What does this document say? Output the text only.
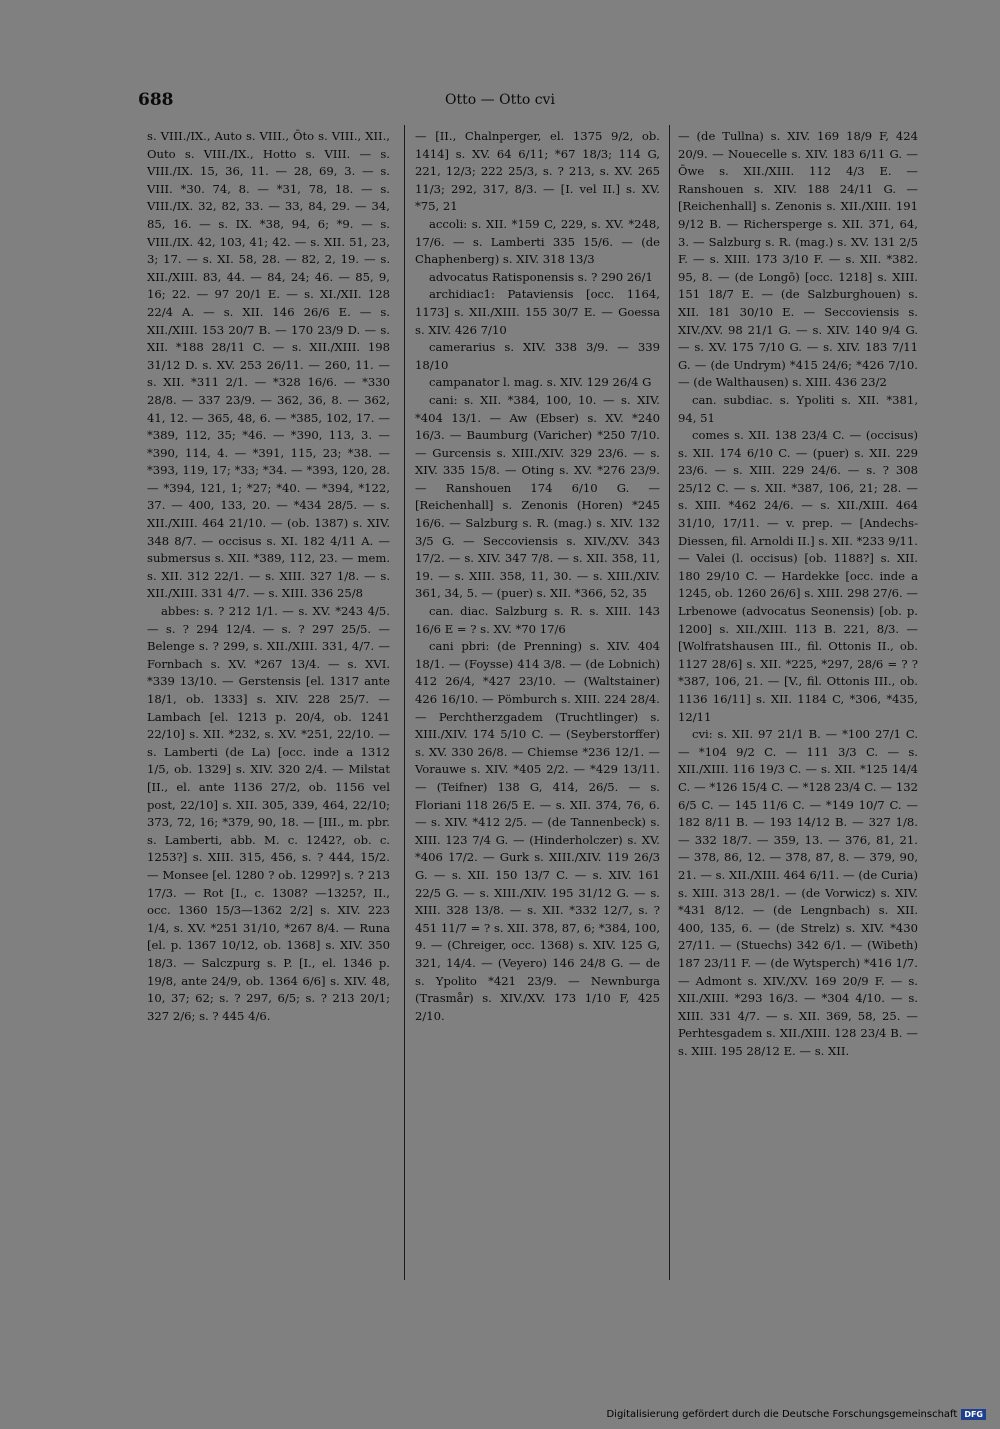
688	Otto — Otto cvi

s. VIII./IX., Auto s. VIII., Ōto s. VIII., XII., Outo s. VIII./IX., Hotto s. VIII. — s. VIII./IX. 15, 36, 11. — 28, 69, 3. — s. VIII. *30. 74, 8. — *31, 78, 18. — s. VIII./IX. 32, 82, 33. — 33, 84, 29. — 34, 85, 16. — s. IX. *38, 94, 6; *9. — s. VIII./IX. 42, 103, 41; 42. — s. XII. 51, 23, 3; 17. — s. XI. 58, 28. — 82, 2, 19. — s. XII./XIII. 83, 44. — 84, 24; 46. — 85, 9, 16; 22. — 97 20/1 E. — s. XI./XII. 128 22/4 A. — s. XII. 146 26/6 E. — s. XII./XIII. 153 20/7 B. — 170 23/9 D. — s. XII. *188 28/11 C. — s. XII./XIII. 198 31/12 D. s. XV. 253 26/11. — 260, 11. — s. XII. *311 2/1. — *328 16/6. — *330 28/8. — 337 23/9. — 362, 36, 8. — 362, 41, 12. — 365, 48, 6. — *385, 102, 17. — *389, 112, 35; *46. — *390, 113, 3. — *390, 114, 4. — *391, 115, 23; *38. — *393, 119, 17; *33; *34. — *393, 120, 28. — *394, 121, 1; *27; *40. — *394, *122, 37. — 400, 133, 20. — *434 28/5. — s. XII./XIII. 464 21/10. — (ob. 1387) s. XIV. 348 8/7. — occisus s. XI. 182 4/11 A. — submersus s. XII. *389, 112, 23. — mem. s. XII. 312 22/1. — s. XIII. 327 1/8. — s. XII./XIII. 331 4/7. — s. XIII. 336 25/8

abbes: s. ? 212 1/1. — s. XV. *243 4/5. — s. ? 294 12/4. — s. ? 297 25/5. — Belenge s. ? 299, s. XII./XIII. 331, 4/7. — Fornbach s. XV. *267 13/4. — s. XVI. *339 13/10. — Gerstensis [el. 1317 ante 18/1, ob. 1333] s. XIV. 228 25/7. — Lambach [el. 1213 p. 20/4, ob. 1241 22/10] s. XII. *232, s. XV. *251, 22/10. — s. Lamberti (de La) [occ. inde a 1312 1/5, ob. 1329] s. XIV. 320 2/4. — Milstat [II., el. ante 1136 27/2, ob. 1156 vel post, 22/10] s. XII. 305, 339, 464, 22/10; 373, 72, 16; *379, 90, 18. — [III., m. pbr. s. Lamberti, abb. M. c. 1242?, ob. c. 1253?] s. XIII. 315, 456, s. ? 444, 15/2. — Monsee [el. 1280 ? ob. 1299?] s. ? 213 17/3. — Rot [I., c. 1308? —1325?, II., occ. 1360 15/3—1362 2/2] s. XIV. 223 1/4, s. XV. *251 31/10, *267 8/4. — Runa [el. p. 1367 10/12, ob. 1368] s. XIV. 350 18/3. — Salczpurg s. P. [I., el. 1346 p. 19/8, ante 24/9, ob. 1364 6/6] s. XIV. 48, 10, 37; 62; s. ? 297, 6/5; s. ? 213 20/1; 327 2/6; s. ? 445 4/6.

— [II., Chalnperger, el. 1375 9/2, ob. 1414] s. XV. 64 6/11; *67 18/3; 114 G, 221, 12/3; 222 25/3, s. ? 213, s. XV. 265 11/3; 292, 317, 8/3. — [I. vel II.] s. XV. *75, 21

accoli: s. XII. *159 C, 229, s. XV. *248, 17/6. — s. Lamberti 335 15/6. — (de Chaphenberg) s. XIV. 318 13/3

advocatus Ratisponensis s. ? 290 26/1

archidiac1: Pataviensis [occ. 1164, 1173] s. XII./XIII. 155 30/7 E. — Goessa s. XIV. 426 7/10

camerarius s. XIV. 338 3/9. — 339 18/10

campanator l. mag. s. XIV. 129 26/4 G

cani: s. XII. *384, 100, 10. — s. XIV. *404 13/1. — Aw (Ebser) s. XV. *240 16/3. — Baumburg (Varicher) *250 7/10. — Gurcensis s. XIII./XIV. 329 23/6. — s. XIV. 335 15/8. — Oting s. XV. *276 23/9. — Ranshouen 174 6/10 G. — [Reichenhall] s. Zenonis (Horen) *245 16/6. — Salzburg s. R. (mag.) s. XIV. 132 3/5 G. — Seccoviensis s. XIV./XV. 343 17/2. — s. XIV. 347 7/8. — s. XII. 358, 11, 19. — s. XIII. 358, 11, 30. — s. XIII./XIV. 361, 34, 5. — (puer) s. XII. *366, 52, 35

can. diac. Salzburg s. R. s. XIII. 143 16/6 E = ? s. XV. *70 17/6

cani pbri: (de Prenning) s. XIV. 404 18/1. — (Foysse) 414 3/8. — (de Lobnich) 412 26/4, *427 23/10. — (Waltstainer) 426 16/10. — Pömburch s. XIII. 224 28/4. — Perchtherzgadem (Truchtlinger) s. XIII./XIV. 174 5/10 C. — (Seyberstorffer) s. XV. 330 26/8. — Chiemse *236 12/1. — Vorauwe s. XIV. *405 2/2. — *429 13/11. — (Teifner) 138 G, 414, 26/5. — s. Floriani 118 26/5 E. — s. XII. 374, 76, 6. — s. XIV. *412 2/5. — (de Tannenbeck) s. XIII. 123 7/4 G. — (Hinderholczer) s. XV. *406 17/2. — Gurk s. XIII./XIV. 119 26/3 G. — s. XII. 150 13/7 C. — s. XIV. 161 22/5 G. — s. XIII./XIV. 195 31/12 G. — s. XIII. 328 13/8. — s. XII. *332 12/7, s. ? 451 11/7 = ? s. XII. 378, 87, 6; *384, 100, 9. — (Chreiger, occ. 1368) s. XIV. 125 G, 321, 14/4. — (Veyero) 146 24/8 G. — de s. Ypolito *421 23/9. — Newnburga (Trasmår) s. XIV./XV. 173 1/10 F, 425 2/10.

— (de Tullna) s. XIV. 169 18/9 F, 424 20/9. — Nouecelle s. XIV. 183 6/11 G. — Ōwe s. XII./XIII. 112 4/3 E. — Ranshouen s. XIV. 188 24/11 G. — [Reichenhall] s. Zenonis s. XII./XIII. 191 9/12 B. — Richersperge s. XII. 371, 64, 3. — Salzburg s. R. (mag.) s. XV. 131 2/5 F. — s. XIII. 173 3/10 F. — s. XII. *382. 95, 8. — (de Longō) [occ. 1218] s. XIII. 151 18/7 E. — (de Salzburghouen) s. XII. 181 30/10 E. — Seccoviensis s. XIV./XV. 98 21/1 G. — s. XIV. 140 9/4 G. — s. XV. 175 7/10 G. — s. XIV. 183 7/11 G. — (de Undrym) *415 24/6; *426 7/10. — (de Walthausen) s. XIII. 436 23/2

can. subdiac. s. Ypoliti s. XII. *381, 94, 51

comes s. XII. 138 23/4 C. — (occisus) s. XII. 174 6/10 C. — (puer) s. XII. 229 23/6. — s. XIII. 229 24/6. — s. ? 308 25/12 C. — s. XII. *387, 106, 21; 28. — s. XIII. *462 24/6. — s. XII./XIII. 464 31/10, 17/11. — v. prep. — [Andechs-Diessen, fil. Arnoldi II.] s. XII. *233 9/11. — Valei (l. occisus) [ob. 1188?] s. XII. 180 29/10 C. — Hardekke [occ. inde a 1245, ob. 1260 26/6] s. XIII. 298 27/6. — Lrbenowe (advocatus Seonensis) [ob. p. 1200] s. XII./XIII. 113 B. 221, 8/3. — [Wolfratshausen III., fil. Ottonis II., ob. 1127 28/6] s. XII. *225, *297, 28/6 = ? ? *387, 106, 21. — [V., fil. Ottonis III., ob. 1136 16/11] s. XII. 1184 C, *306, *435, 12/11

cvi: s. XII. 97 21/1 B. — *100 27/1 C. — *104 9/2 C. — 111 3/3 C. — s. XII./XIII. 116 19/3 C. — s. XII. *125 14/4 C. — *126 15/4 C. — *128 23/4 C. — 132 6/5 C. — 145 11/6 C. — *149 10/7 C. — 182 8/11 B. — 193 14/12 B. — 327 1/8. — 332 18/7. — 359, 13. — 376, 81, 21. — 378, 86, 12. — 378, 87, 8. — 379, 90, 21. — s. XII./XIII. 464 6/11. — (de Curia) s. XIII. 313 28/1. — (de Vorwicz) s. XIV. *431 8/12. — (de Lengnbach) s. XII. 400, 135, 6. — (de Strelz) s. XIV. *430 27/11. — (Stuechs) 342 6/1. — (Wibeth) 187 23/11 F. — (de Wytsperch) *416 1/7. — Admont s. XIV./XV. 169 20/9 F. — s. XII./XIII. *293 16/3. — *304 4/10. — s. XIII. 331 4/7. — s. XII. 369, 58, 25. — Perhtesgadem s. XII./XIII. 128 23/4 B. — s. XIII. 195 28/12 E. — s. XII.

Digitalisierung gefördert durch die Deutsche Forschungsgemeinschaft DFG
